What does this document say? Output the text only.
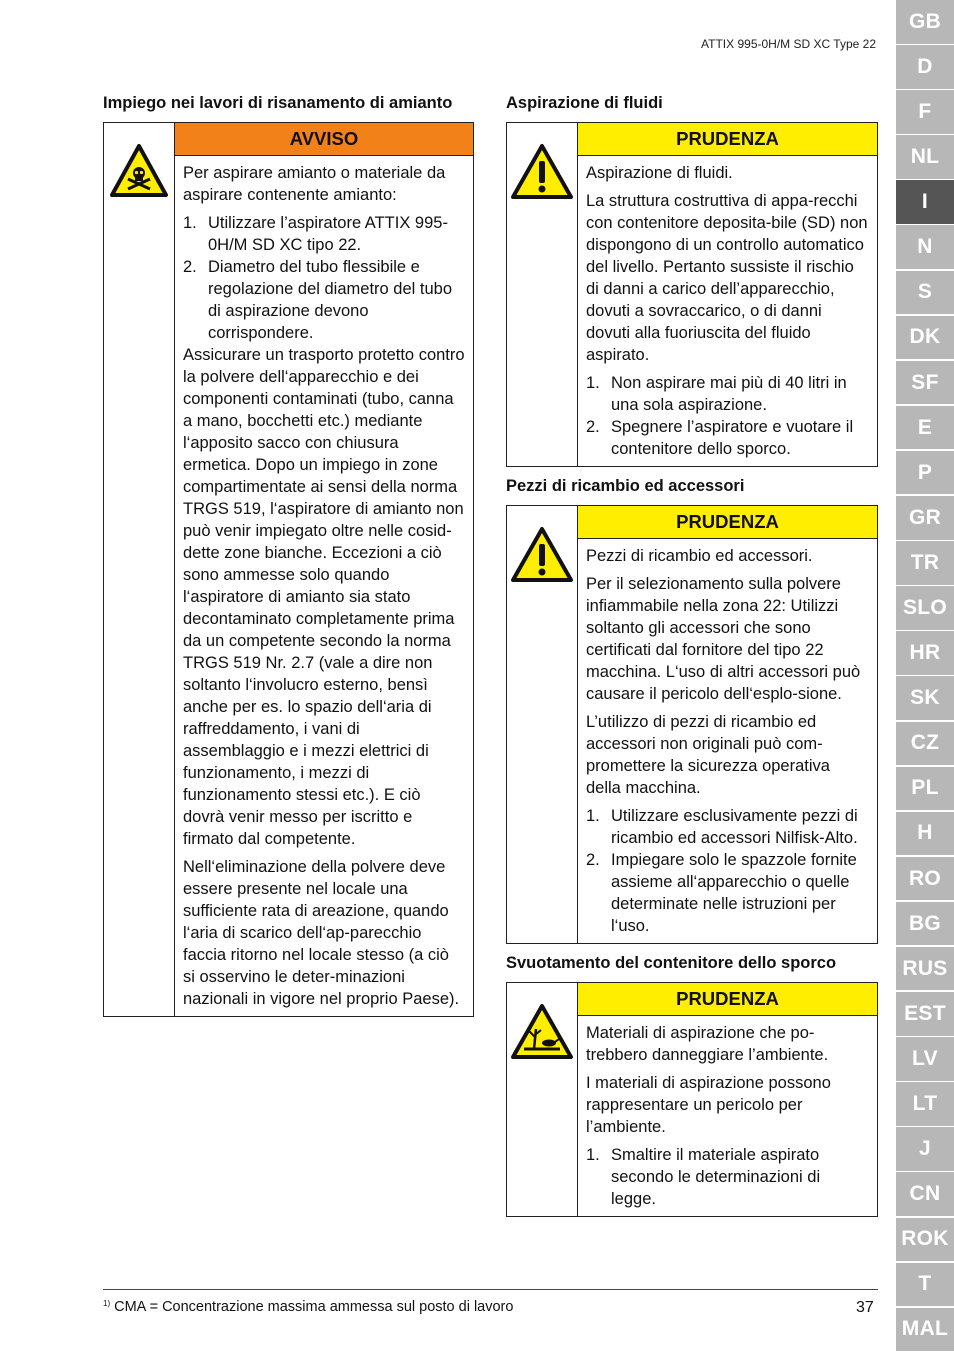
ATTIX 995-0H/M SD XC Type 22
GB
D
F
NL
I
N
S
DK
SF
E
P
GR
TR
SLO
HR
SK
CZ
PL
H
RO
BG
RUS
EST
LV
LT
J
CN
ROK
T
MAL
Impiego nei lavori di risanamento di amianto
AVVISO

Per aspirare amianto o materiale da aspirare contenente amianto:

1. Utilizzare l’aspiratore ATTIX 995-0H/M SD XC tipo 22.
2. Diametro del tubo flessibile e regolazione del diametro del tubo di aspirazione devono corrispondere.

Assicurare un trasporto protetto contro la polvere dell‘apparecchio e dei componenti contaminati (tubo, canna a mano, bocchetti etc.) mediante l‘apposito sacco con chiusura ermetica. Dopo un impiego in zone compartimentate ai sensi della norma TRGS 519, l‘aspiratore di amianto non può venir impiegato oltre nelle cosid-dette zone bianche. Eccezioni a ciò sono ammesse solo quando l‘aspiratore di amianto sia stato decontaminato completamente prima da un competente secondo la norma TRGS 519 Nr. 2.7 (vale a dire non soltanto l‘involucro esterno, bensì anche per es. lo spazio dell‘aria di raffreddamento, i vani di assemblaggio e i mezzi elettrici di funzionamento, i mezzi di funzionamento stessi etc.). E ciò dovrà venir messo per iscritto e firmato dal competente.

Nell‘eliminazione della polvere deve essere presente nel locale una sufficiente rata di areazione, quando l‘aria di scarico dell‘ap-parecchio faccia ritorno nel locale stesso (a ciò si osservino le deter-minazioni nazionali in vigore nel proprio Paese).

Aspirazione di fluidi
PRUDENZA

Aspirazione di fluidi.

La struttura costruttiva di appa-recchi con contenitore deposita-bile (SD) non dispongono di un controllo automatico del livello. Pertanto sussiste il rischio di danni a carico dell’apparecchio, dovuti a sovraccarico, o di danni dovuti alla fuoriuscita del fluido aspirato.

1. Non aspirare mai più di 40 litri in una sola aspirazione.
2. Spegnere l’aspiratore e vuotare il contenitore dello sporco.
Pezzi di ricambio ed accessori
PRUDENZA

Pezzi di ricambio ed accessori.

Per il selezionamento sulla polvere infiammabile nella zona 22: Utilizzi soltanto gli accessori che sono certificati dal fornitore del tipo 22 macchina. L‘uso di altri accessori può causare il pericolo dell‘esplo-sione.

L’utilizzo di pezzi di ricambio ed accessori non originali può com-promettere la sicurezza operativa della macchina.

1. Utilizzare esclusivamente pezzi di ricambio ed accessori Nilfisk-Alto.
2. Impiegare solo le spazzole fornite assieme all‘apparecchio o quelle determinate nelle istruzioni per l‘uso.
Svuotamento del contenitore dello sporco
PRUDENZA

Materiali di aspirazione che po-trebbero danneggiare l’ambiente.

I materiali di aspirazione possono rappresentare un pericolo per l’ambiente.

1. Smaltire il materiale aspirato secondo le determinazioni di legge.
$^{1)}$ CMA = Concentrazione massima ammessa sul posto di lavoro	37
